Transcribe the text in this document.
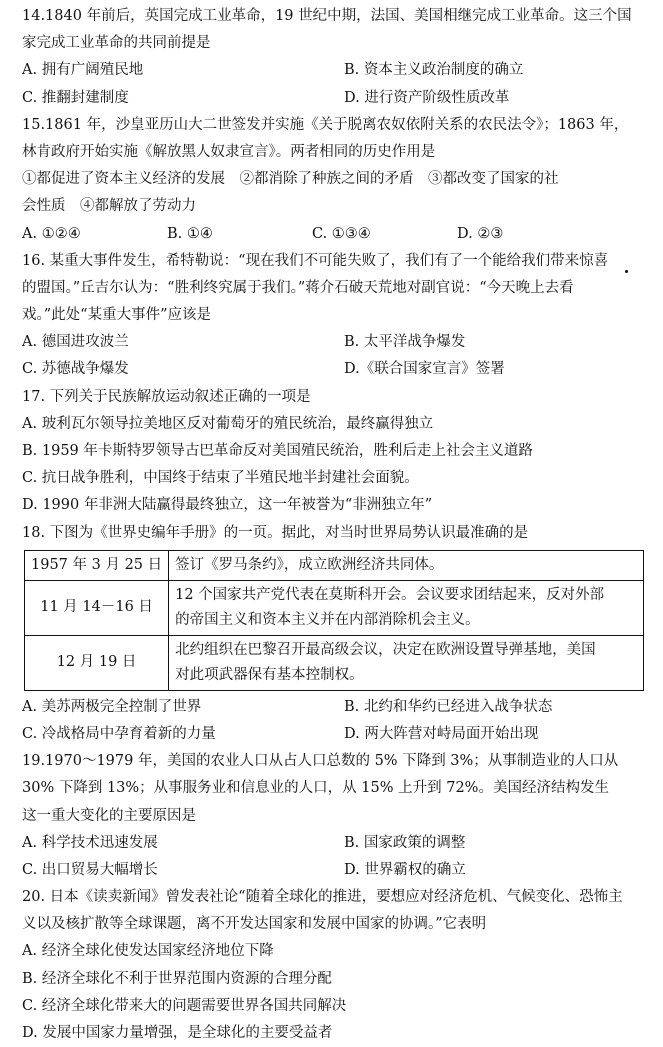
14.1840 年前后，英国完成工业革命，19 世纪中期，法国、美国相继完成工业革命。这三个国
家完成工业革命的共同前提是
A. 拥有广阔殖民地	B. 资本主义政治制度的确立
C. 推翻封建制度	D. 进行资产阶级性质改革
15.1861 年，沙皇亚历山大二世签发并实施《关于脱离农奴依附关系的农民法令》；1863 年，
林肯政府开始实施《解放黑人奴隶宣言》。两者相同的历史作用是
①都促进了资本主义经济的发展　②都消除了种族之间的矛盾　③都改变了国家的社
会性质　④都解放了劳动力
A. ①②④	B. ①④	C. ①③④	D. ②③
16. 某重大事件发生，希特勒说：“现在我们不可能失败了，我们有了一个能给我们带来惊喜
的盟国。”丘吉尔认为：“胜利终究属于我们。”蒋介石破天荒地对副官说：“今天晚上去看
戏。”此处“某重大事件”应该是
A. 德国进攻波兰	B. 太平洋战争爆发
C. 苏德战争爆发	D.《联合国家宣言》签署
17. 下列关于民族解放运动叙述正确的一项是
A. 玻利瓦尔领导拉美地区反对葡萄牙的殖民统治，最终赢得独立
B. 1959 年卡斯特罗领导古巴革命反对美国殖民统治，胜利后走上社会主义道路
C. 抗日战争胜利，中国终于结束了半殖民地半封建社会面貌。
D. 1990 年非洲大陆赢得最终独立，这一年被誉为“非洲独立年”
18. 下图为《世界史编年手册》的一页。据此，对当时世界局势认识最准确的是
1957 年 3 月 25 日	签订《罗马条约》，成立欧洲经济共同体。
11 月 14－16 日	12 个国家共产党代表在莫斯科开会。会议要求团结起来，反对外部
的帝国主义和资本主义并在内部消除机会主义。

12 月 19 日	北约组织在巴黎召开最高级会议，决定在欧洲设置导弹基地，美国
对此项武器保有基本控制权。
A. 美苏两极完全控制了世界	B. 北约和华约已经进入战争状态
C. 冷战格局中孕育着新的力量	D. 两大阵营对峙局面开始出现
19.1970～1979 年，美国的农业人口从占人口总数的 5% 下降到 3%；从事制造业的人口从
30% 下降到 13%；从事服务业和信息业的人口，从 15% 上升到 72%。美国经济结构发生
这一重大变化的主要原因是
A. 科学技术迅速发展	B. 国家政策的调整
C. 出口贸易大幅增长	D. 世界霸权的确立
20. 日本《读卖新闻》曾发表社论“随着全球化的推进，要想应对经济危机、气候变化、恐怖主
义以及核扩散等全球课题，离不开发达国家和发展中国家的协调。”它表明
A. 经济全球化使发达国家经济地位下降
B. 经济全球化不利于世界范围内资源的合理分配
C. 经济全球化带来大的问题需要世界各国共同解决
D. 发展中国家力量增强，是全球化的主要受益者
